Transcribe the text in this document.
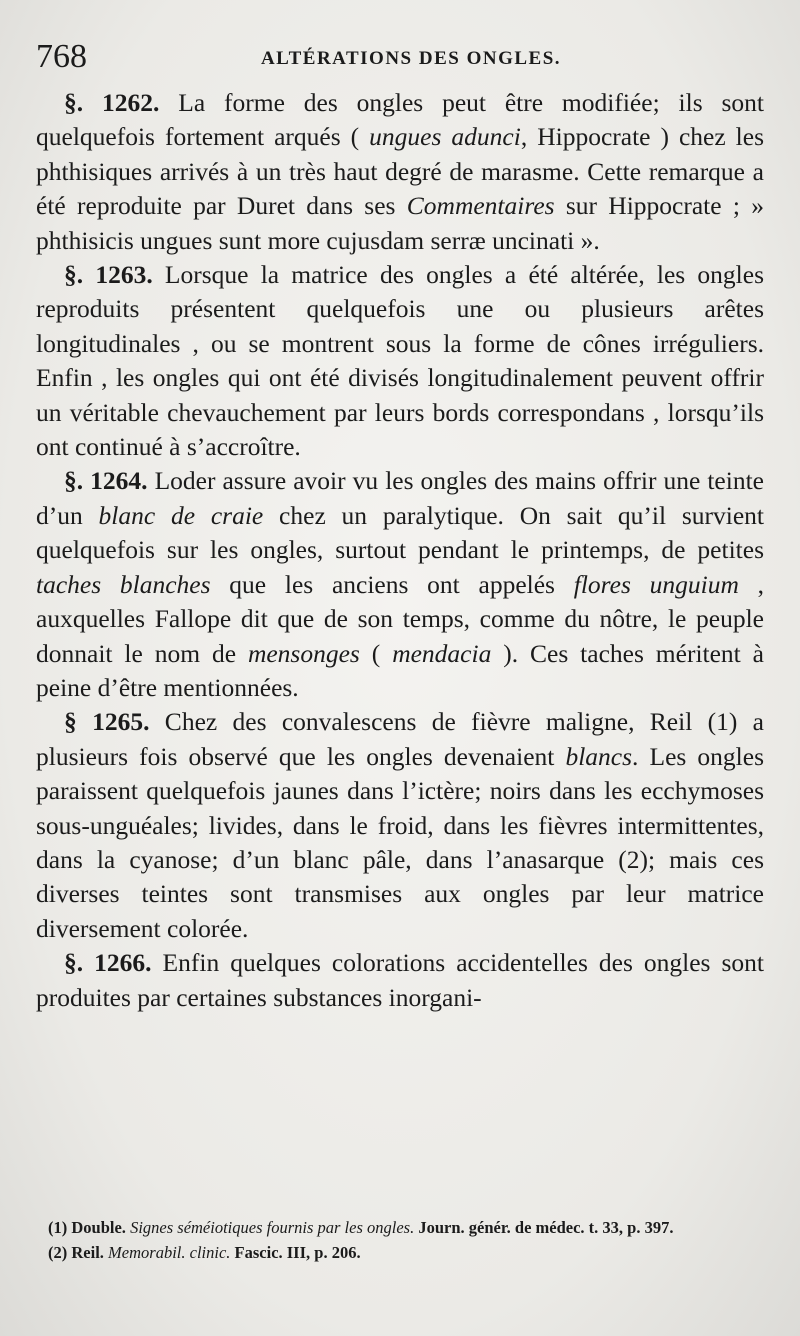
768	ALTÉRATIONS DES ONGLES.

§. 1262. La forme des ongles peut être modifiée; ils sont quelquefois fortement arqués ( ungues adunci, Hippocrate ) chez les phthisiques arrivés à un très haut degré de marasme. Cette remarque a été reproduite par Duret dans ses Commentaires sur Hippocrate ; » phthisicis ungues sunt more cujusdam serræ uncinati ».

§. 1263. Lorsque la matrice des ongles a été altérée, les ongles reproduits présentent quelquefois une ou plusieurs arêtes longitudinales , ou se montrent sous la forme de cônes irréguliers. Enfin , les ongles qui ont été divisés longitudinalement peuvent offrir un véritable chevauchement par leurs bords correspondans , lorsqu’ils ont continué à s’accroître.

§. 1264. Loder assure avoir vu les ongles des mains offrir une teinte d’un blanc de craie chez un paralytique. On sait qu’il survient quelquefois sur les ongles, surtout pendant le printemps, de petites taches blanches que les anciens ont appelés flores unguium , auxquelles Fallope dit que de son temps, comme du nôtre, le peuple donnait le nom de mensonges ( mendacia ). Ces taches méritent à peine d’être mentionnées.

§ 1265. Chez des convalescens de fièvre maligne, Reil (1) a plusieurs fois observé que les ongles devenaient blancs. Les ongles paraissent quelquefois jaunes dans l’ictère; noirs dans les ecchymoses sous-unguéales; livides, dans le froid, dans les fièvres intermittentes, dans la cyanose; d’un blanc pâle, dans l’anasarque (2); mais ces diverses teintes sont transmises aux ongles par leur matrice diversement colorée.

§. 1266. Enfin quelques colorations accidentelles des ongles sont produites par certaines substances inorgani-

(1) Double. Signes séméiotiques fournis par les ongles. Journ. génér. de médec. t. 33, p. 397.

(2) Reil. Memorabil. clinic. Fascic. III, p. 206.
